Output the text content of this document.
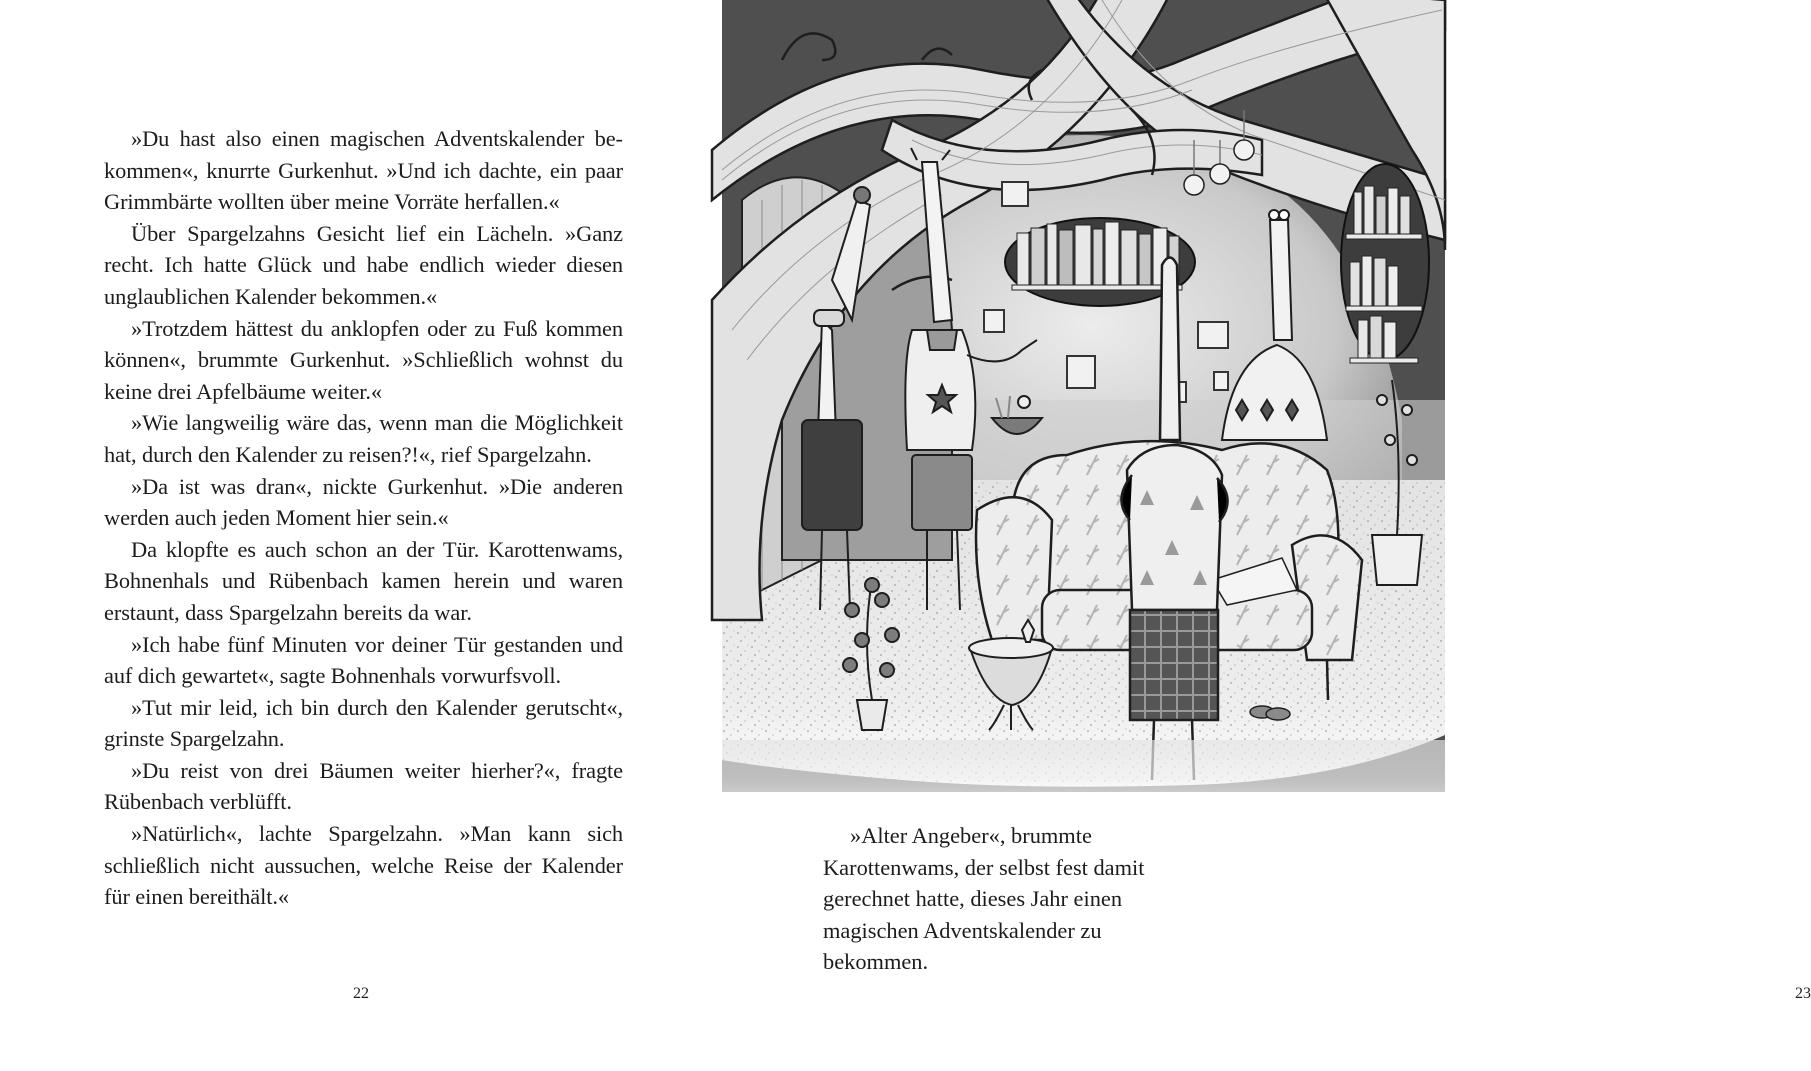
»Du hast also einen magischen Adventskalender bekommen«, knurrte Gurkenhut. »Und ich dachte, ein paar Grimmbärte wollten über meine Vorräte herfallen.«

Über Spargelzahns Gesicht lief ein Lächeln. »Ganz recht. Ich hatte Glück und habe endlich wieder diesen unglaublichen Kalender bekommen.«

»Trotzdem hättest du anklopfen oder zu Fuß kommen können«, brummte Gurkenhut. »Schließlich wohnst du keine drei Apfelbäume weiter.«

»Wie langweilig wäre das, wenn man die Möglichkeit hat, durch den Kalender zu reisen?!«, rief Spargelzahn.

»Da ist was dran«, nickte Gurkenhut. »Die anderen werden auch jeden Moment hier sein.«

Da klopfte es auch schon an der Tür. Karottenwams, Bohnenhals und Rübenbach kamen herein und waren erstaunt, dass Spargelzahn bereits da war.

»Ich habe fünf Minuten vor deiner Tür gestanden und auf dich gewartet«, sagte Bohnenhals vorwurfsvoll.

»Tut mir leid, ich bin durch den Kalender gerutscht«, grinste Spargelzahn.

»Du reist von drei Bäumen weiter hierher?«, fragte Rübenbach verblüfft.

»Natürlich«, lachte Spargelzahn. »Man kann sich schließlich nicht aussuchen, welche Reise der Kalender für einen bereithält.«

22

»Alter Angeber«, brummte Karottenwams, der selbst fest damit gerechnet hatte, dieses Jahr einen magischen Adventskalender zu bekommen.

23
